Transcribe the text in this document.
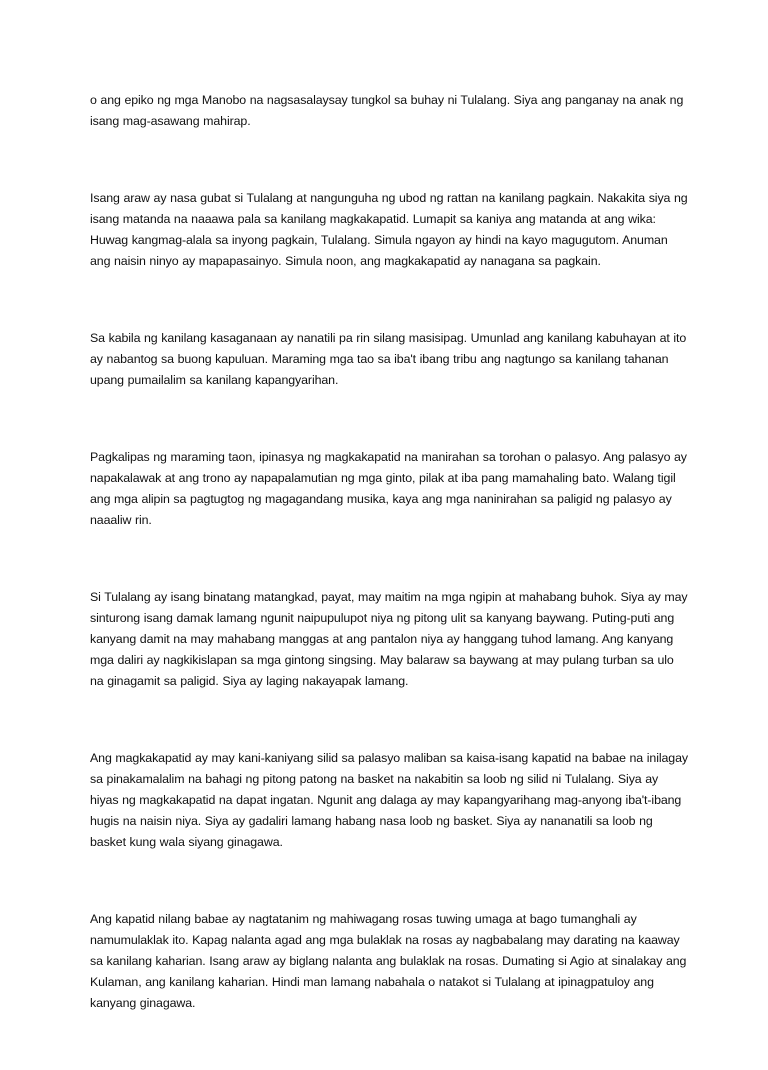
o ang epiko ng mga Manobo na nagsasalaysay tungkol sa buhay ni Tulalang. Siya ang panganay na anak ng isang mag-asawang mahirap.

Isang araw ay nasa gubat si Tulalang at nangunguha ng ubod ng rattan na kanilang pagkain. Nakakita siya ng isang matanda na naaawa pala sa kanilang magkakapatid. Lumapit sa kaniya ang matanda at ang wika: Huwag kangmag-alala sa inyong pagkain, Tulalang. Simula ngayon ay hindi na kayo magugutom. Anuman ang naisin ninyo ay mapapasainyo. Simula noon, ang magkakapatid ay nanagana sa pagkain.

Sa kabila ng kanilang kasaganaan ay nanatili pa rin silang masisipag. Umunlad ang kanilang kabuhayan at ito ay nabantog sa buong kapuluan. Maraming mga tao sa iba't ibang tribu ang nagtungo sa kanilang tahanan upang pumailalim sa kanilang kapangyarihan.

Pagkalipas ng maraming taon, ipinasya ng magkakapatid na manirahan sa torohan o palasyo. Ang palasyo ay napakalawak at ang trono ay napapalamutian ng mga ginto, pilak at iba pang mamahaling bato. Walang tigil ang mga alipin sa pagtugtog ng magagandang musika, kaya ang mga naninirahan sa paligid ng palasyo ay naaaliw rin.

Si Tulalang ay isang binatang matangkad, payat, may maitim na mga ngipin at mahabang buhok. Siya ay may sinturong isang damak lamang ngunit naipupulupot niya ng pitong ulit sa kanyang baywang. Puting-puti ang kanyang damit na may mahabang manggas at ang pantalon niya ay hanggang tuhod lamang. Ang kanyang mga daliri ay nagkikislapan sa mga gintong singsing. May balaraw sa baywang at may pulang turban sa ulo na ginagamit sa paligid. Siya ay laging nakayapak lamang.

Ang magkakapatid ay may kani-kaniyang silid sa palasyo maliban sa kaisa-isang kapatid na babae na inilagay sa pinakamalalim na bahagi ng pitong patong na basket na nakabitin sa loob ng silid ni Tulalang. Siya ay hiyas ng magkakapatid na dapat ingatan. Ngunit ang dalaga ay may kapangyarihang mag-anyong iba't-ibang hugis na naisin niya. Siya ay gadaliri lamang habang nasa loob ng basket. Siya ay nananatili sa loob ng basket kung wala siyang ginagawa.

Ang kapatid nilang babae ay nagtatanim ng mahiwagang rosas tuwing umaga at bago tumanghali ay namumulaklak ito. Kapag nalanta agad ang mga bulaklak na rosas ay nagbabalang may darating na kaaway sa kanilang kaharian. Isang araw ay biglang nalanta ang bulaklak na rosas. Dumating si Agio at sinalakay ang Kulaman, ang kanilang kaharian. Hindi man lamang nabahala o natakot si Tulalang at ipinagpatuloy ang kanyang ginagawa.
